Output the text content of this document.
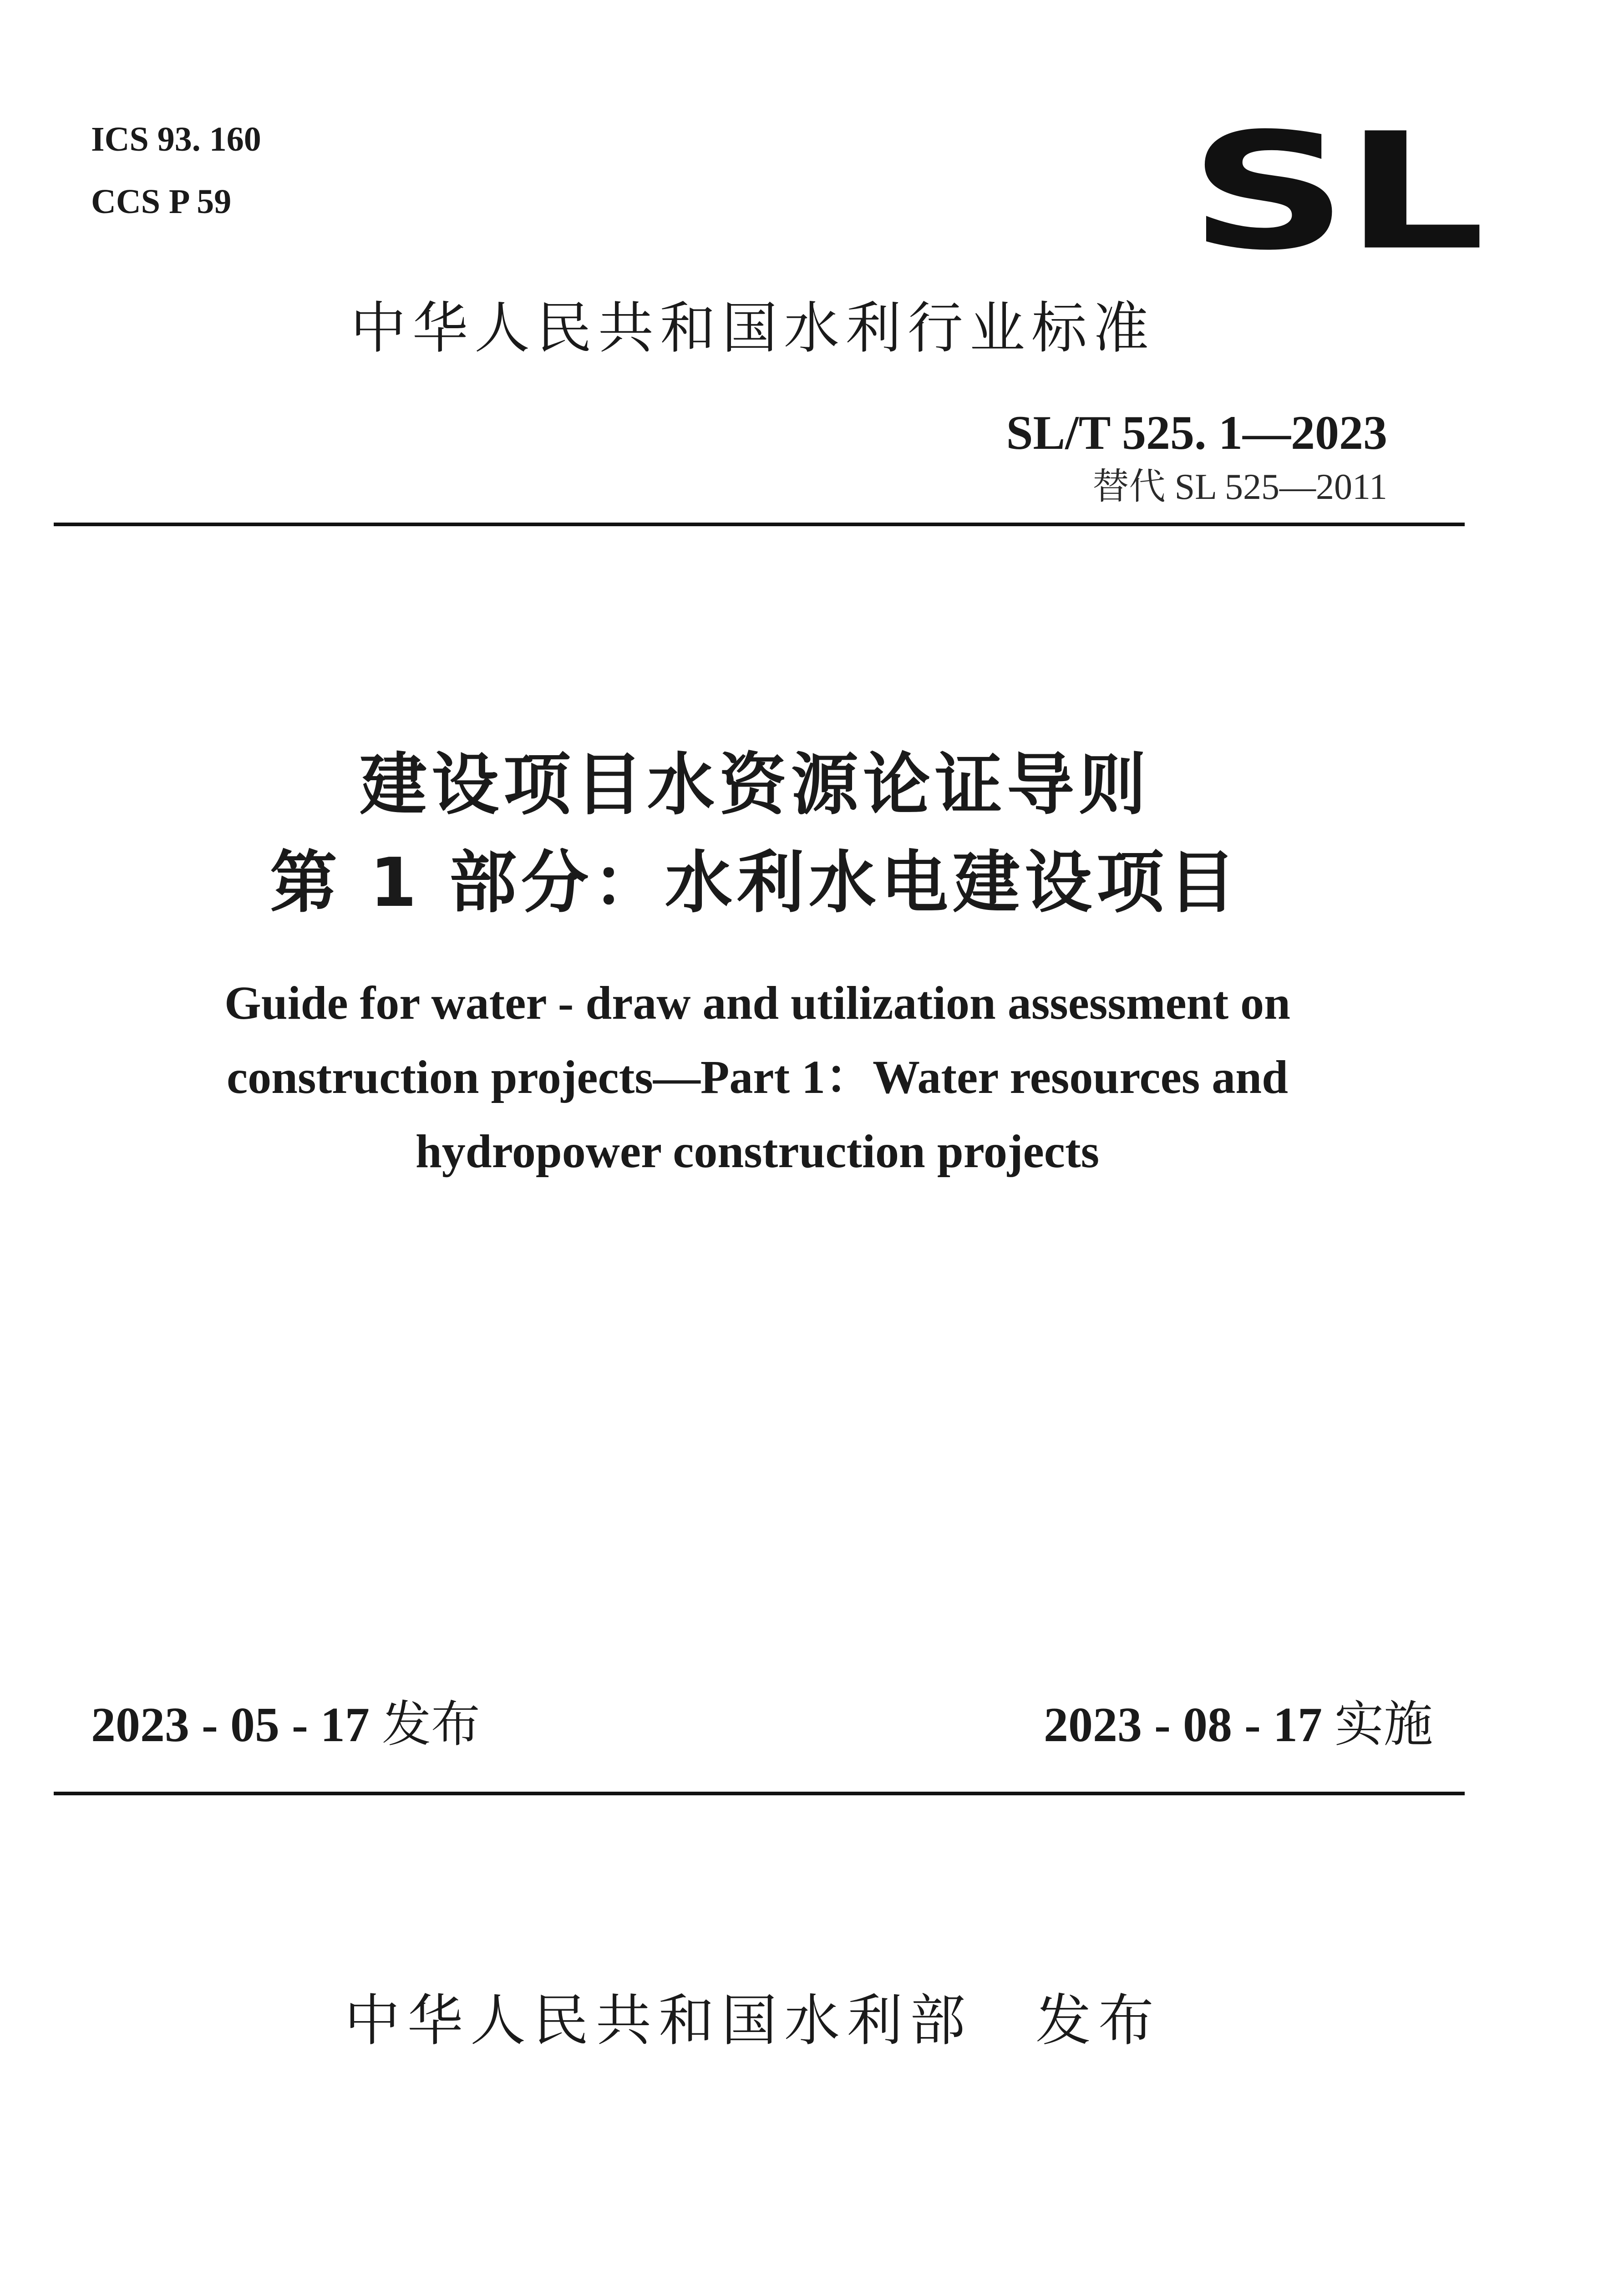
ICS 93. 160
CCS P 59	SL
中华人民共和国水利行业标准
SL/T 525. 1—2023
替代 SL 525—2011
建设项目水资源论证导则
第 1 部分：水利水电建设项目
Guide for water - draw and utilization assessment on
construction projects—Part 1：Water resources and
hydropower construction projects
2023 - 05 - 17 发布	2023 - 08 - 17 实施
中华人民共和国水利部　发布
